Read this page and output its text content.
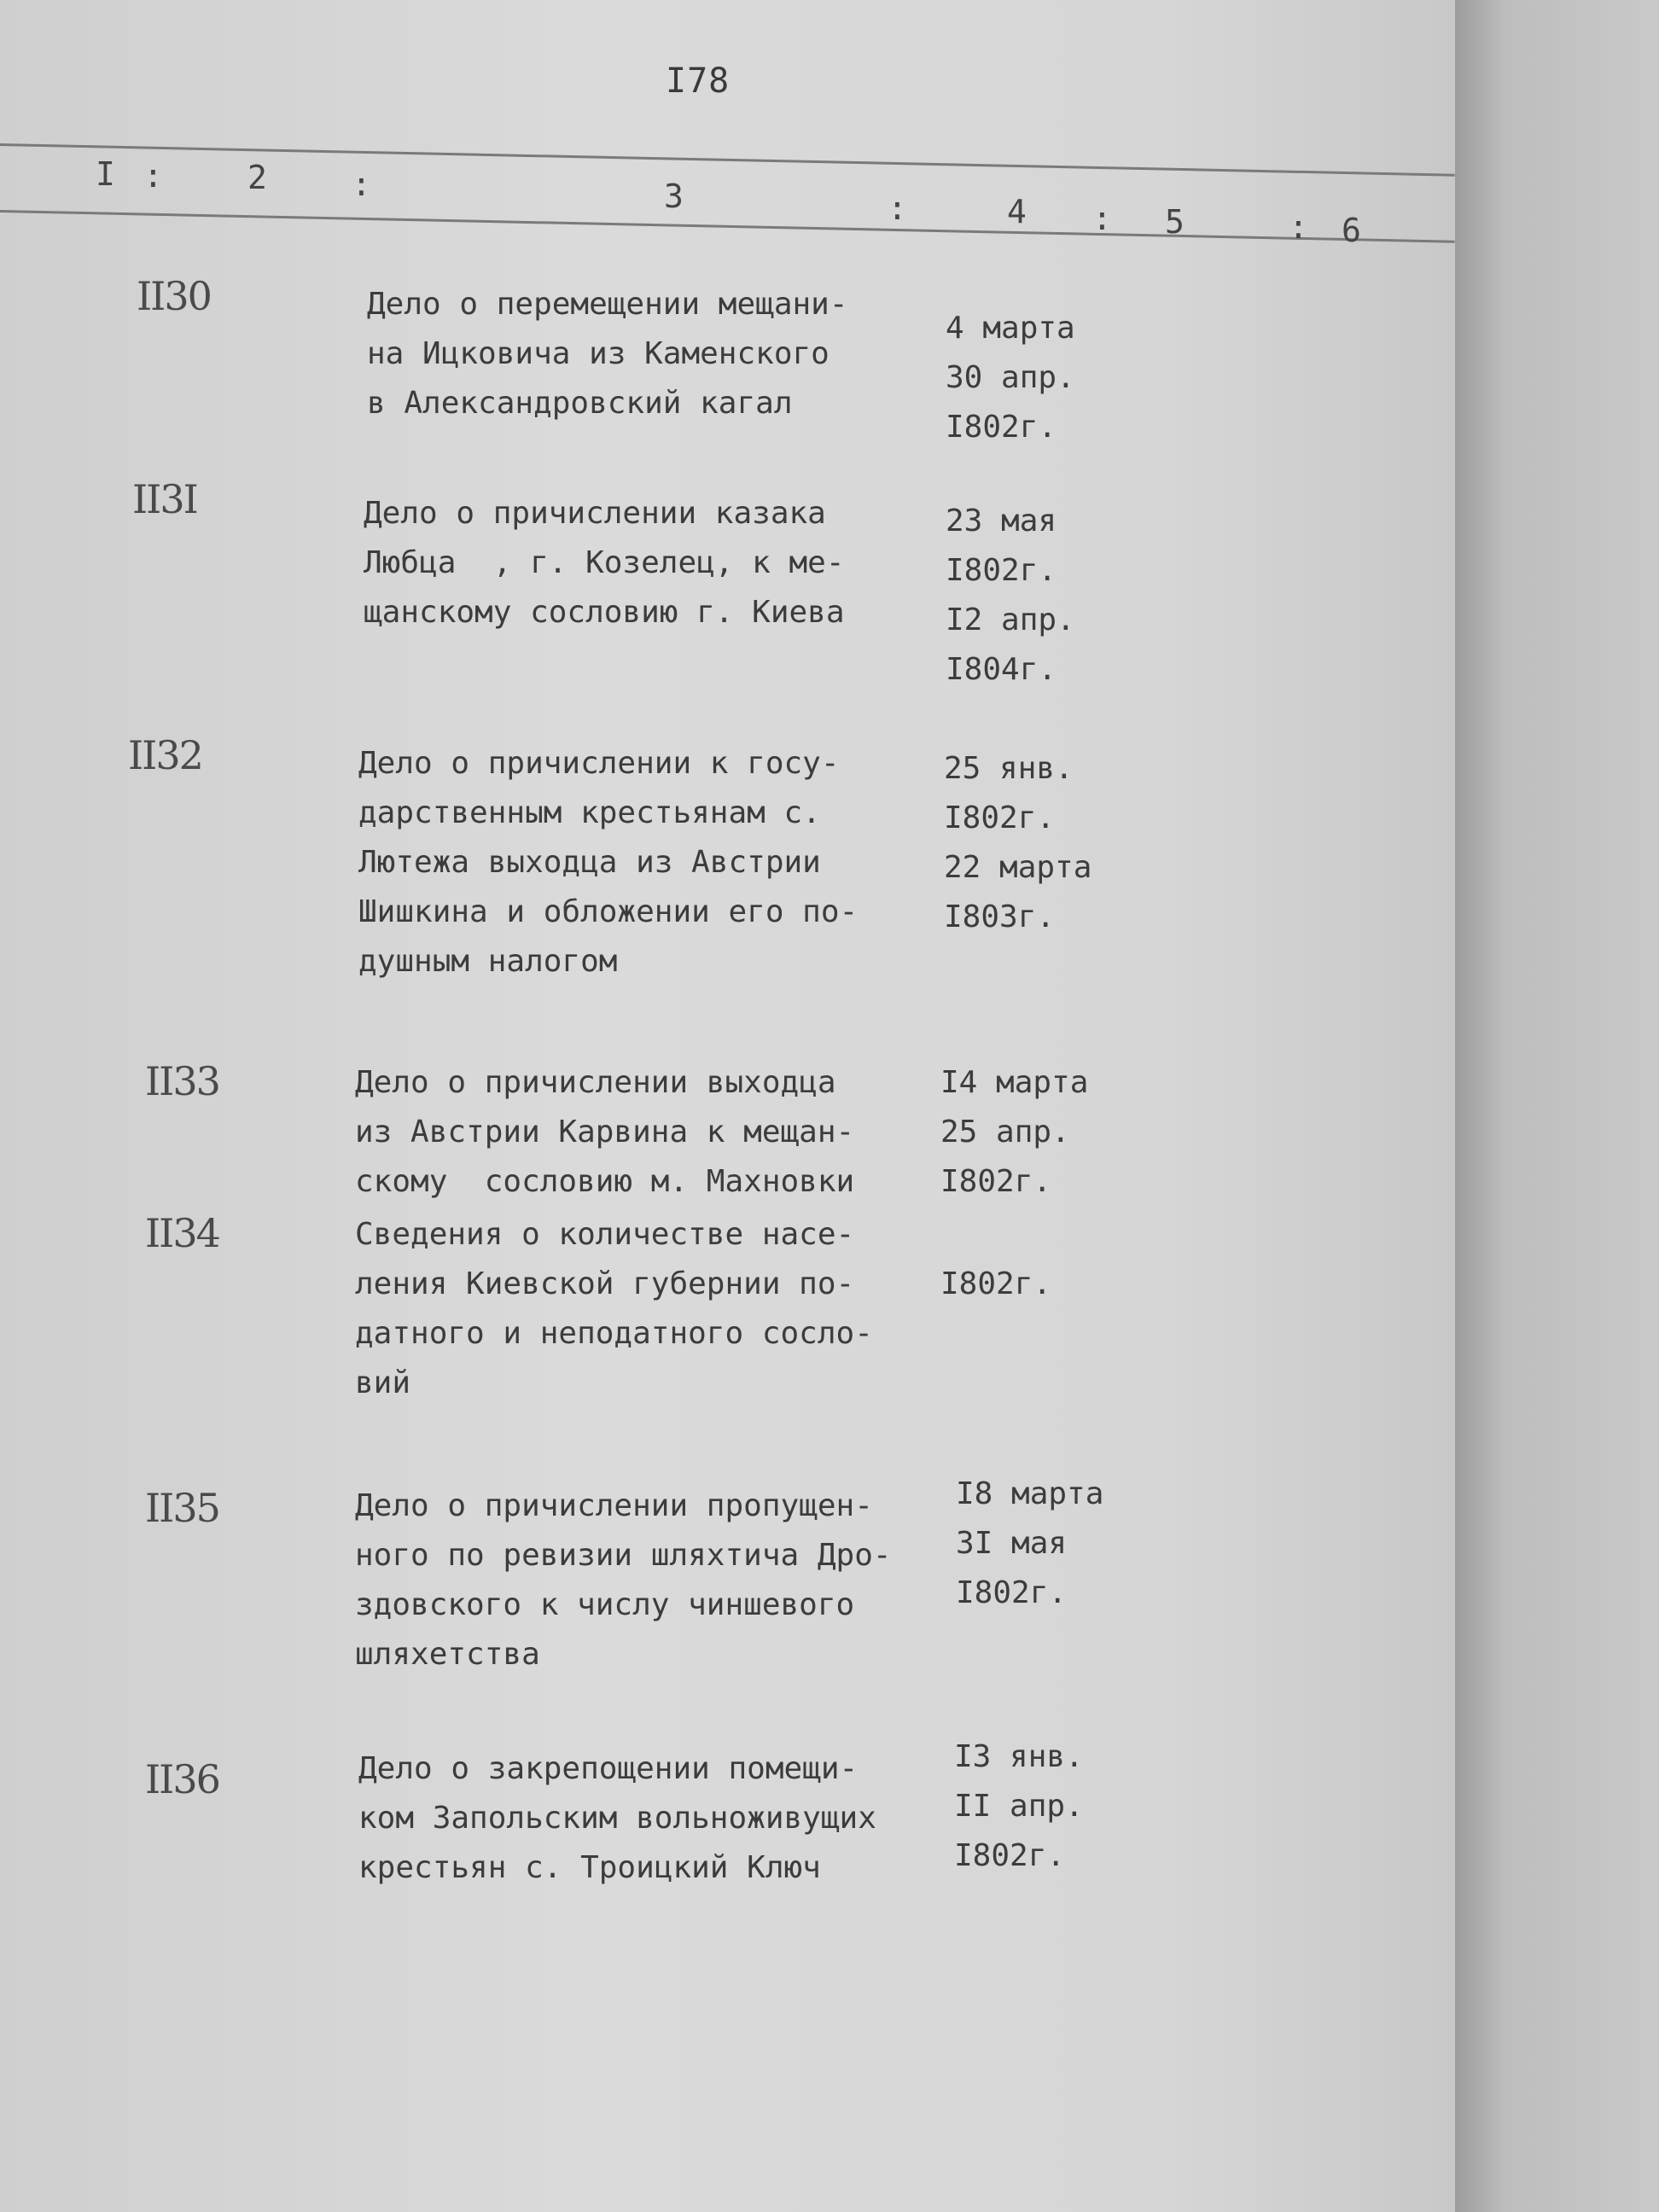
I78
I :	2	:	3	:	4 : 5	: 6
II30	Дело о перемещении мещани-
на Ицковича из Каменского
в Александровский кагал
4 марта
30 апр.
I802г.
II3I	Дело о причислении казака
Любца  , г. Козелец, к ме-
щанскому сословию г. Киева
23 мая
I802г.
I2 апр.
I804г.
II32	Дело о причислении к госу-
дарственным крестьянам с.
Лютежа выходца из Австрии
Шишкина и обложении его по-
душным налогом
25 янв.
I802г.
22 марта
I803г.
II33	Дело о причислении выходца
из Австрии Карвина к мещан-
скому  сословию м. Махновки
I4 марта
25 апр.
I802г.
II34	Сведения о количестве насе-
ления Киевской губернии по-
датного и неподатного сосло-
вий
I802г.
II35	Дело о причислении пропущен-
ного по ревизии шляхтича Дро-
здовского к числу чиншевого
шляхетства
I8 марта
3I мая
I802г.
II36	Дело о закрепощении помещи-
ком Запольским вольноживущих
крестьян с. Троицкий Ключ
I3 янв.
II апр.
I802г.
